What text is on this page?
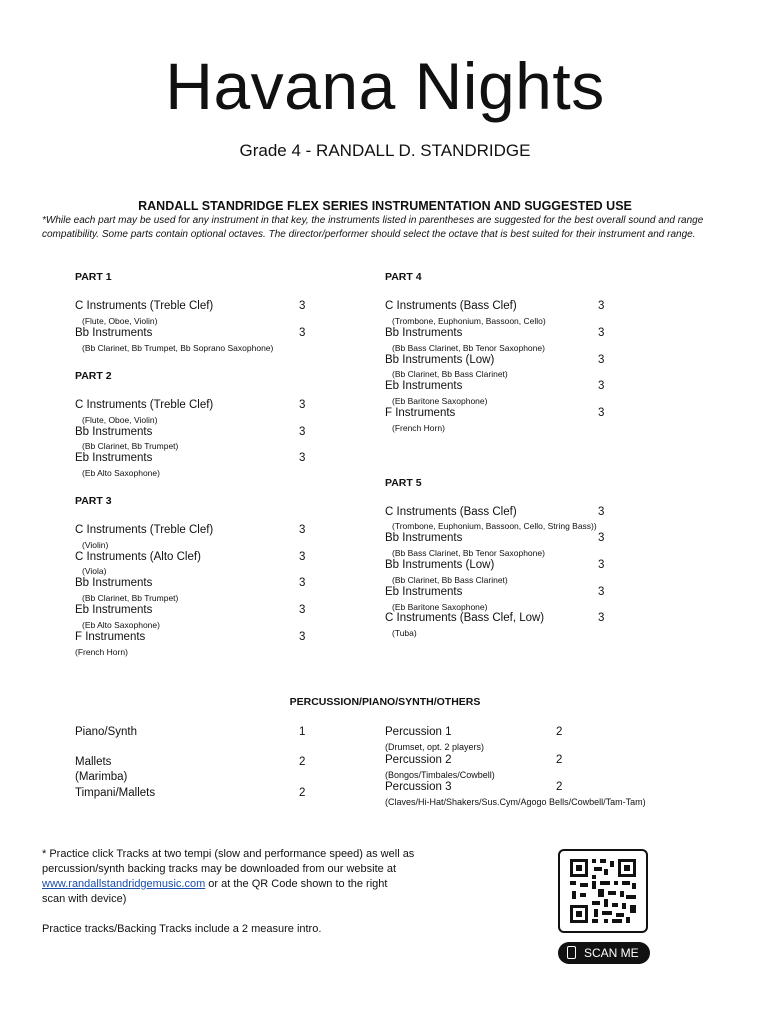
Havana Nights
Grade 4 - RANDALL D. STANDRIDGE
RANDALL STANDRIDGE FLEX SERIES INSTRUMENTATION AND SUGGESTED USE
*While each part may be used for any instrument in that key, the instruments listed in parentheses are suggested for the best overall sound and range compatibility. Some parts contain optional octaves. The director/performer should select the octave that is best suited for their instrument and range.
PART 1
C Instruments (Treble Clef)	3
(Flute, Oboe, Violin)
Bb Instruments	3
(Bb Clarinet, Bb Trumpet, Bb Soprano Saxophone)
PART 2
C Instruments (Treble Clef)	3
(Flute, Oboe, Violin)
Bb Instruments	3
(Bb Clarinet, Bb Trumpet)
Eb Instruments	3
(Eb Alto Saxophone)
PART 3
C Instruments (Treble Clef)	3
(Violin)
C Instruments (Alto Clef)	3
(Viola)
Bb Instruments	3
(Bb Clarinet, Bb Trumpet)
Eb Instruments	3
(Eb Alto Saxophone)
F Instruments	3
(French Horn)
PART 4
C Instruments (Bass Clef)	3
(Trombone, Euphonium, Bassoon, Cello)
Bb Instruments	3
(Bb Bass Clarinet, Bb Tenor Saxophone)
Bb Instruments (Low)	3
(Bb Clarinet, Bb Bass Clarinet)
Eb Instruments	3
(Eb Baritone Saxophone)
F Instruments	3
(French Horn)
PART 5
C Instruments (Bass Clef)	3
(Trombone, Euphonium, Bassoon, Cello, String Bass))
Bb Instruments	3
(Bb Bass Clarinet, Bb Tenor Saxophone)
Bb Instruments (Low)	3
(Bb Clarinet, Bb Bass Clarinet)
Eb Instruments	3
(Eb Baritone Saxophone)
C Instruments (Bass Clef, Low)	3
(Tuba)
PERCUSSION/PIANO/SYNTH/OTHERS
Piano/Synth	1
Mallets	2
(Marimba)
Timpani/Mallets	2
Percussion 1	2
(Drumset, opt. 2 players)
Percussion 2	2
(Bongos/Timbales/Cowbell)
Percussion 3	2
(Claves/Hi-Hat/Shakers/Sus.Cym/Agogo Bells/Cowbell/Tam-Tam)
* Practice click Tracks at two tempi (slow and performance speed) as well as
percussion/synth backing tracks may be downloaded from our website at
www.randallstandridgemusic.com or at the QR Code shown to the right
scan with device)
Practice tracks/Backing Tracks include a 2 measure intro.
SCAN ME
